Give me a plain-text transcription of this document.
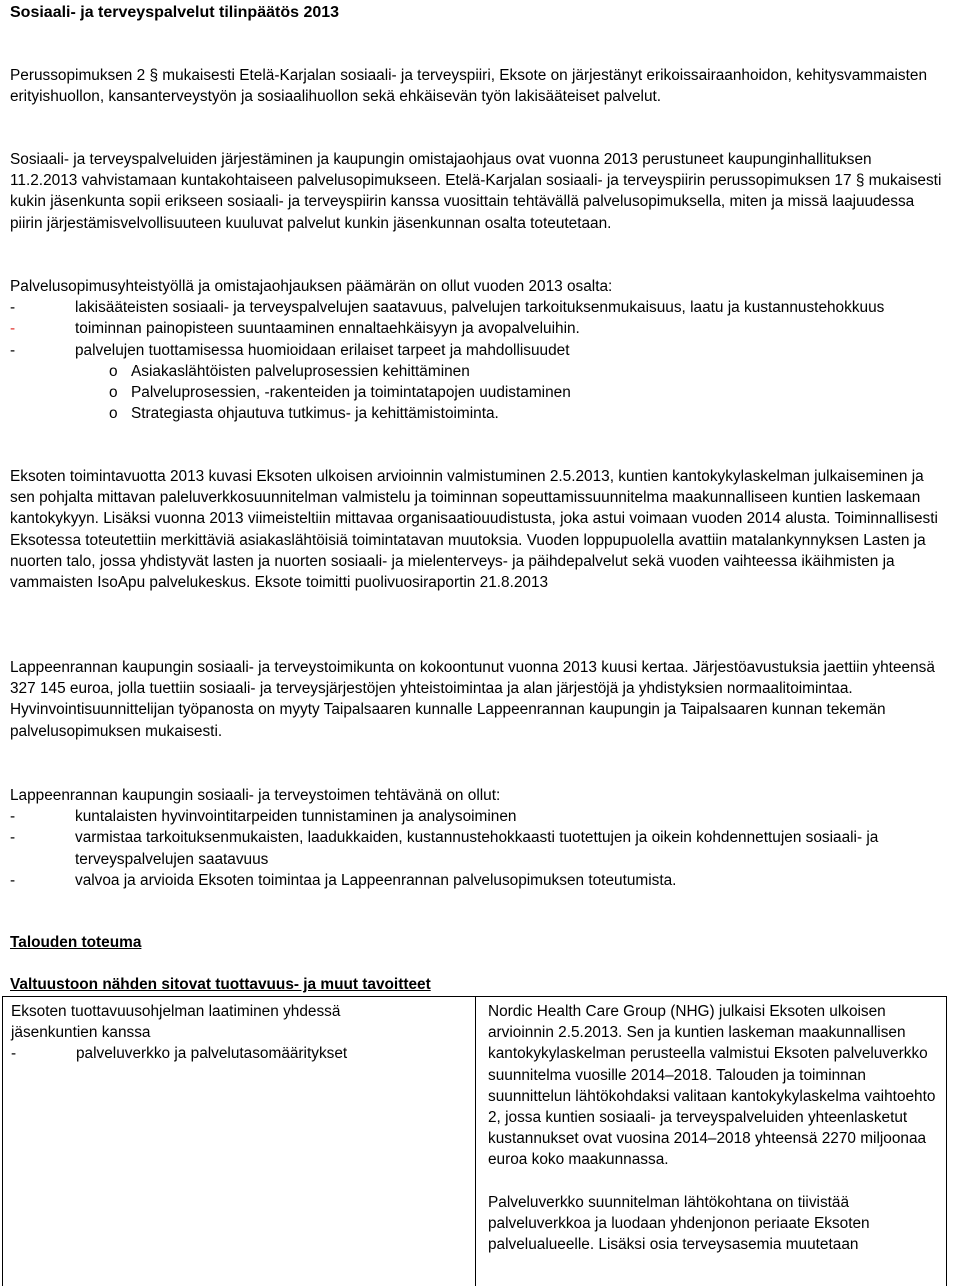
Sosiaali- ja terveyspalvelut tilinpäätös 2013

Perussopimuksen 2 § mukaisesti Etelä-Karjalan sosiaali- ja terveyspiiri, Eksote on järjestänyt erikoissairaanhoidon, kehitysvammaisten erityishuollon, kansanterveystyön ja sosiaalihuollon sekä ehkäisevän työn lakisääteiset palvelut.

Sosiaali- ja terveyspalveluiden järjestäminen ja kaupungin omistajaohjaus ovat vuonna 2013 perustuneet kaupunginhallituksen 11.2.2013 vahvistamaan kuntakohtaiseen palvelusopimukseen. Etelä-Karjalan sosiaali- ja terveyspiirin perussopimuksen 17 § mukaisesti kukin jäsenkunta sopii erikseen sosiaali- ja terveyspiirin kanssa vuosittain tehtävällä palvelusopimuksella, miten ja missä laajuudessa piirin järjestämisvelvollisuuteen kuuluvat palvelut kunkin jäsenkunnan osalta toteutetaan.

Palvelusopimusyhteistyöllä ja omistajaohjauksen päämärän on ollut vuoden 2013 osalta:

-	lakisääteisten sosiaali- ja terveyspalvelujen saatavuus, palvelujen tarkoituksenmukaisuus, laatu ja kustannustehokkuus
-	toiminnan painopisteen suuntaaminen ennaltaehkäisyyn ja avopalveluihin.
-	palvelujen tuottamisessa huomioidaan erilaiset tarpeet ja mahdollisuudet
o Asiakaslähtöisten palveluprosessien kehittäminen
o Palveluprosessien, -rakenteiden ja toimintatapojen uudistaminen
o Strategiasta ohjautuva tutkimus- ja kehittämistoiminta.

Eksoten toimintavuotta 2013 kuvasi Eksoten ulkoisen arvioinnin valmistuminen 2.5.2013, kuntien kantokykylaskelman julkaiseminen ja sen pohjalta mittavan paleluverkkosuunnitelman valmistelu ja toiminnan sopeuttamissuunnitelma maakunnalliseen kuntien laskemaan kantokykyyn. Lisäksi vuonna 2013 viimeisteltiin mittavaa organisaatiouudistusta, joka astui voimaan vuoden 2014 alusta. Toiminnallisesti Eksotessa toteutettiin merkittäviä asiakaslähtöisiä toimintatavan muutoksia. Vuoden loppupuolella avattiin matalankynnyksen Lasten ja nuorten talo, jossa yhdistyvät lasten ja nuorten sosiaali- ja mielenterveys- ja päihdepalvelut sekä vuoden vaihteessa ikäihmisten ja vammaisten IsoApu palvelukeskus. Eksote toimitti puolivuosiraportin 21.8.2013

Lappeenrannan kaupungin sosiaali- ja terveystoimikunta on kokoontunut vuonna 2013 kuusi kertaa. Järjestöavustuksia jaettiin yhteensä 327 145 euroa, jolla tuettiin sosiaali- ja terveysjärjestöjen yhteistoimintaa ja alan järjestöjä ja yhdistyksien normaalitoimintaa. Hyvinvointisuunnittelijan työpanosta on myyty Taipalsaaren kunnalle Lappeenrannan kaupungin ja Taipalsaaren kunnan tekemän palvelusopimuksen mukaisesti.

Lappeenrannan kaupungin sosiaali- ja terveystoimen tehtävänä on ollut:

-	kuntalaisten hyvinvointitarpeiden tunnistaminen ja analysoiminen
-	varmistaa tarkoituksenmukaisten, laadukkaiden, kustannustehokkaasti tuotettujen ja oikein kohdennettujen sosiaali- ja terveyspalvelujen saatavuus
-	valvoa ja arvioida Eksoten toimintaa ja Lappeenrannan palvelusopimuksen toteutumista.
Talouden toteuma
Valtuustoon nähden sitovat tuottavuus- ja muut tavoitteet

Eksoten tuottavuusohjelman laatiminen yhdessä jäsenkuntien kanssa

-	palveluverkko ja palvelutasomääritykset

Nordic Health Care Group (NHG) julkaisi Eksoten ulkoisen arvioinnin 2.5.2013. Sen ja kuntien laskeman maakunnallisen kantokykylaskelman perusteella valmistui Eksoten palveluverkko suunnitelma vuosille 2014–2018. Talouden ja toiminnan suunnittelun lähtökohdaksi valitaan kantokykylaskelma vaihtoehto 2, jossa kuntien sosiaali- ja terveyspalveluiden yhteenlasketut kustannukset ovat vuosina 2014–2018 yhteensä 2270 miljoonaa euroa koko maakunnassa.

Palveluverkko suunnitelman lähtökohtana on tiivistää palveluverkkoa ja luodaan yhdenjonon periaate Eksoten palvelualueelle. Lisäksi osia terveysasemia muutetaan
